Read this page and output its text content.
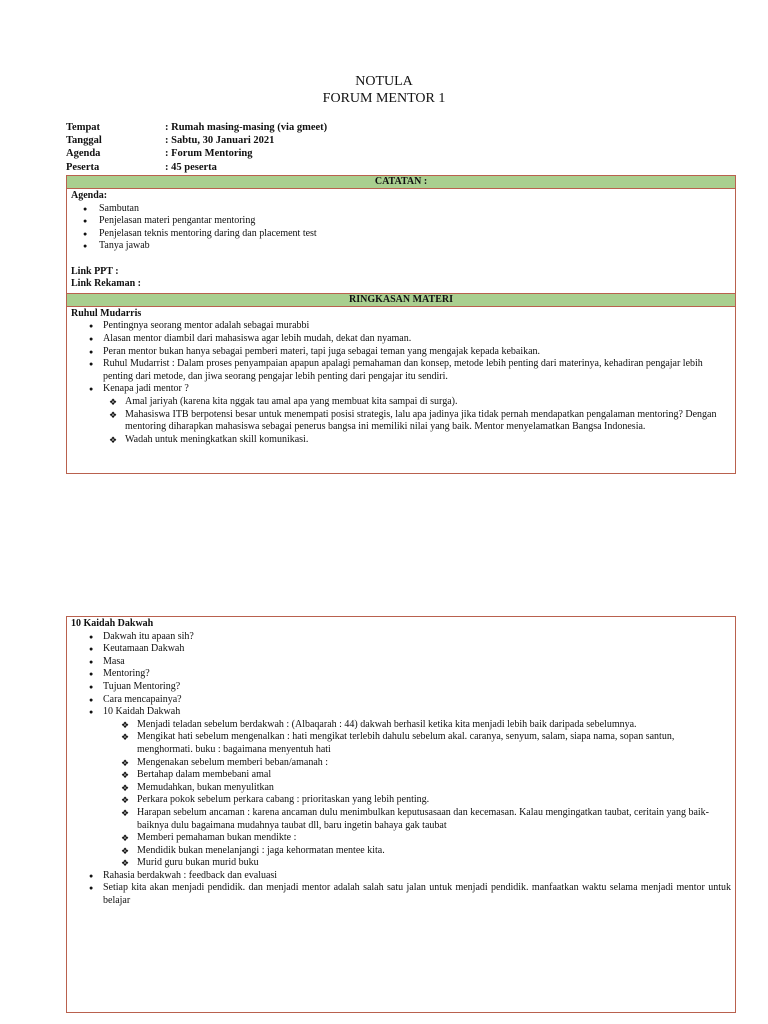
NOTULA
FORUM MENTOR 1
Tempat	: Rumah masing-masing (via gmeet)
Tanggal	: Sabtu, 30 Januari 2021
Agenda	: Forum Mentoring
Peserta	: 45 peserta
CATATAN :
Agenda:
● Sambutan
● Penjelasan materi pengantar mentoring
● Penjelasan teknis mentoring daring dan placement test
● Tanya jawab
Link PPT :
Link Rekaman :
RINGKASAN MATERI
Ruhul Mudarris
● Pentingnya seorang mentor adalah sebagai murabbi
● Alasan mentor diambil dari mahasiswa agar lebih mudah, dekat dan nyaman.
● Peran mentor bukan hanya sebagai pemberi materi, tapi juga sebagai teman yang mengajak kepada kebaikan.
● Ruhul Mudarrist : Dalam proses penyampaian apapun apalagi pemahaman dan konsep, metode lebih penting dari materinya, kehadiran pengajar lebih penting dari metode, dan jiwa seorang pengajar lebih penting dari pengajar itu sendiri.
● Kenapa jadi mentor ?
❖ Amal jariyah (karena kita nggak tau amal apa yang membuat kita sampai di surga).
❖ Mahasiswa ITB berpotensi besar untuk menempati posisi strategis, lalu apa jadinya jika tidak pernah mendapatkan pengalaman mentoring? Dengan mentoring diharapkan mahasiswa sebagai penerus bangsa ini memiliki nilai yang baik. Mentor menyelamatkan Bangsa Indonesia.
❖ Wadah untuk meningkatkan skill komunikasi.
10 Kaidah Dakwah
● Dakwah itu apaan sih?
● Keutamaan Dakwah
● Masa
● Mentoring?
● Tujuan Mentoring?
● Cara mencapainya?
● 10 Kaidah Dakwah
❖ Menjadi teladan sebelum berdakwah : (Albaqarah : 44) dakwah berhasil ketika kita menjadi lebih baik daripada sebelumnya.
❖ Mengikat hati sebelum mengenalkan : hati mengikat terlebih dahulu sebelum akal. caranya, senyum, salam, siapa nama, sopan santun, menghormati. buku : bagaimana menyentuh hati
❖ Mengenakan sebelum memberi beban/amanah :
❖ Bertahap dalam membebani amal
❖ Memudahkan, bukan menyulitkan
❖ Perkara pokok sebelum perkara cabang : prioritaskan yang lebih penting.
❖ Harapan sebelum ancaman : karena ancaman dulu menimbulkan keputusasaan dan kecemasan. Kalau mengingatkan taubat, ceritain yang baik-baiknya dulu bagaimana mudahnya taubat dll, baru ingetin bahaya gak taubat
❖ Memberi pemahaman bukan mendikte :
❖ Mendidik bukan menelanjangi : jaga kehormatan mentee kita.
❖ Murid guru bukan murid buku
● Rahasia berdakwah : feedback dan evaluasi
● Setiap kita akan menjadi pendidik. dan menjadi mentor adalah salah satu jalan untuk menjadi pendidik. manfaatkan waktu selama menjadi mentor untuk belajar
